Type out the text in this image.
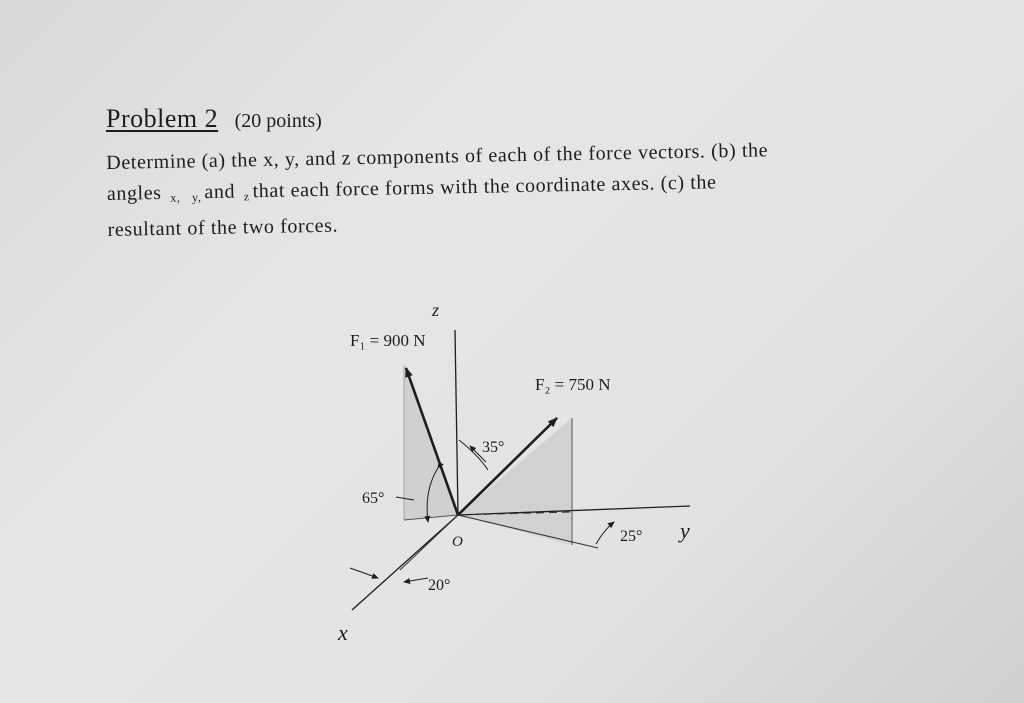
Problem 2 (20 points)

Determine (a) the x, y, and z components of each of the force vectors. (b) the

angles $_{x,}$ $_{y,}$ and $_z$ that each force forms with the coordinate axes. (c) the

resultant of the two forces.

F₁ = 900 N
F₂ = 750 N
z
x
y
O
65°
35°
25°
20°
